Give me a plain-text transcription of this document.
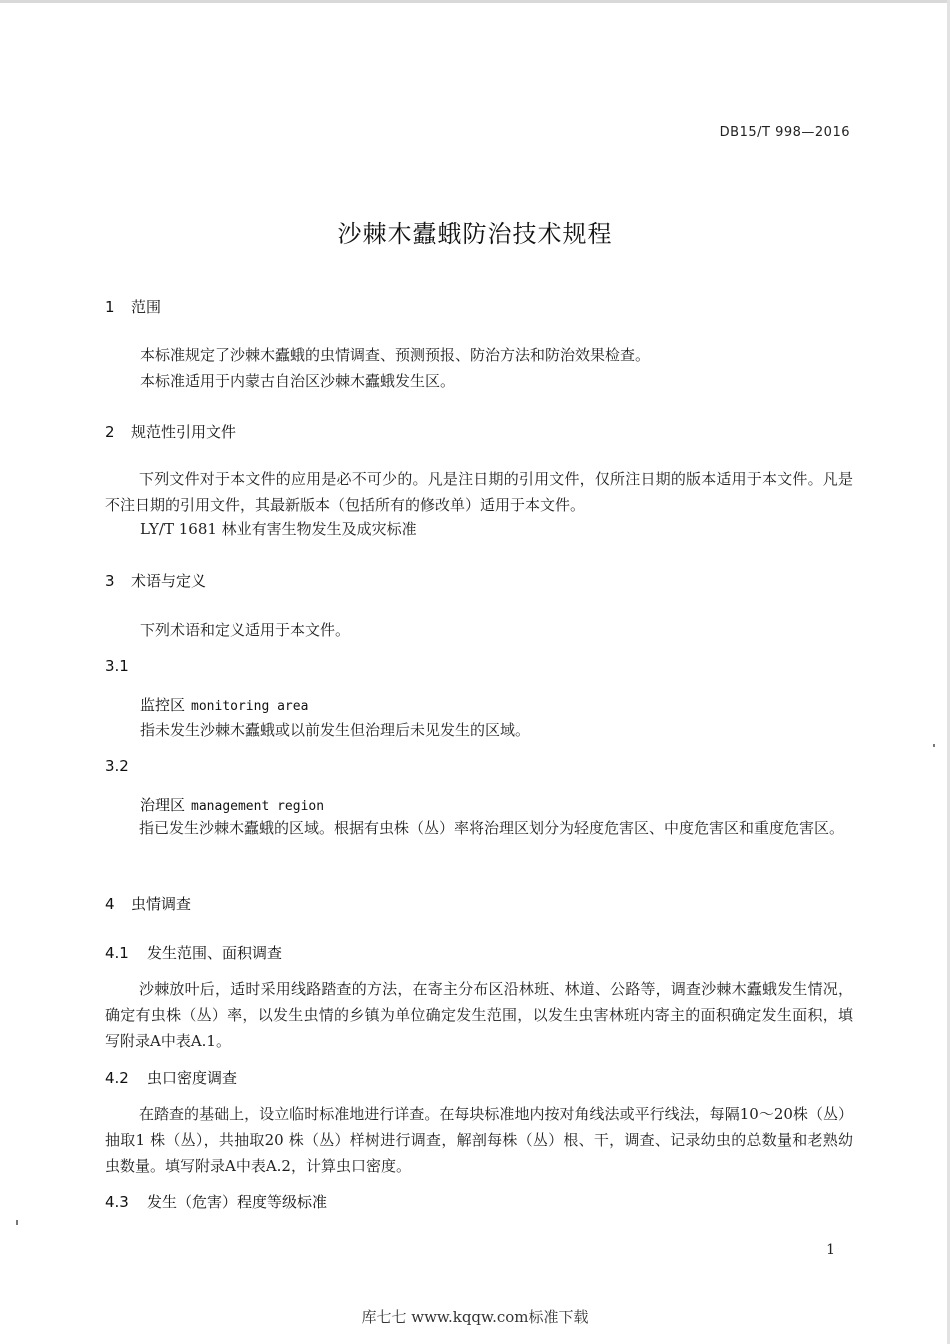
DB15/T 998—2016
沙棘木蠹蛾防治技术规程
1 范围
本标准规定了沙棘木蠹蛾的虫情调查、预测预报、防治方法和防治效果检查。
本标准适用于内蒙古自治区沙棘木蠹蛾发生区。
2 规范性引用文件
下列文件对于本文件的应用是必不可少的。凡是注日期的引用文件，仅所注日期的版本适用于本文件。凡是不注日期的引用文件，其最新版本（包括所有的修改单）适用于本文件。
LY/T 1681 林业有害生物发生及成灾标准
3 术语与定义
下列术语和定义适用于本文件。
3.1
监控区 monitoring area
指未发生沙棘木蠹蛾或以前发生但治理后未见发生的区域。
3.2
治理区 management region
指已发生沙棘木蠹蛾的区域。根据有虫株（丛）率将治理区划分为轻度危害区、中度危害区和重度危害区。
4 虫情调查
4.1 发生范围、面积调查
沙棘放叶后，适时采用线路踏查的方法，在寄主分布区沿林班、林道、公路等，调查沙棘木蠹蛾发生情况，确定有虫株（丛）率，以发生虫情的乡镇为单位确定发生范围，以发生虫害林班内寄主的面积确定发生面积，填写附录A中表A.1。
4.2 虫口密度调查
在踏查的基础上，设立临时标准地进行详查。在每块标准地内按对角线法或平行线法，每隔10～20株（丛）抽取1 株（丛），共抽取20 株（丛）样树进行调查，解剖每株（丛）根、干，调查、记录幼虫的总数量和老熟幼虫数量。填写附录A中表A.2，计算虫口密度。
4.3 发生（危害）程度等级标准
1
库七七 www.kqqw.com标准下载
